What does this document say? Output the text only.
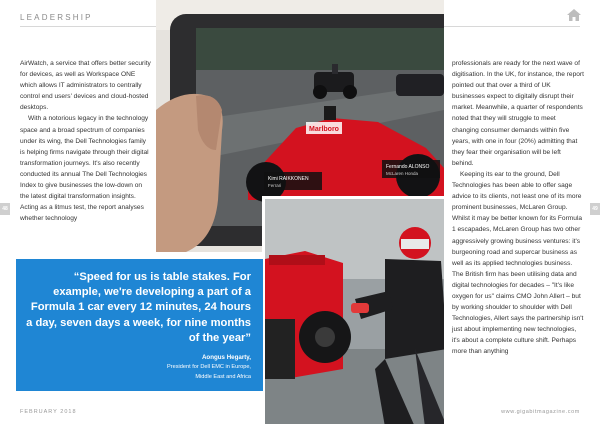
LEADERSHIP
48	49

AirWatch, a service that offers better security for devices, as well as Workspace ONE which allows IT administrators to centrally control end users' devices and cloud-hosted desktops.

With a notorious legacy in the technology space and a broad spectrum of companies under its wing, the Dell Technologies family is helping firms navigate through their digital transformation journeys. It's also recently conducted its annual The Dell Technologies Index to give businesses the low-down on the latest digital transformation insights. Acting as a litmus test, the report analyses whether technology

Marlboro
Kimi RAIKKONEN
Ferrari
Fernando ALONSO
McLaren Honda
“Speed for us is table stakes. For example, we're developing a part of a Formula 1 car every 12 minutes, 24 hours a day, seven days a week, for nine months of the year”
Aongus Hegarty,
President for Dell EMC in Europe,
Middle East and Africa

professionals are ready for the next wave of digitisation. In the UK, for instance, the report pointed out that over a third of UK businesses expect to digitally disrupt their market. Meanwhile, a quarter of respondents noted that they will struggle to meet changing consumer demands within five years, with one in four (20%) admitting that they fear their organisation will be left behind.

Keeping its ear to the ground, Dell Technologies has been able to offer sage advice to its clients, not least one of its more prominent businesses, McLaren Group. Whilst it may be better known for its Formula 1 escapades, McLaren Group has two other aggressively growing business ventures: it's burgeoning road and supercar business as well as its applied technologies business. The British firm has been utilising data and digital technologies for decades – "It's like oxygen for us" claims CMO John Allert – but by working shoulder to shoulder with Dell Technologies, Allert says the partnership isn't just about implementing new technologies, it's about a complete culture shift. Perhaps more than anything

FEBRUARY 2018	www.gigabitmagazine.com
